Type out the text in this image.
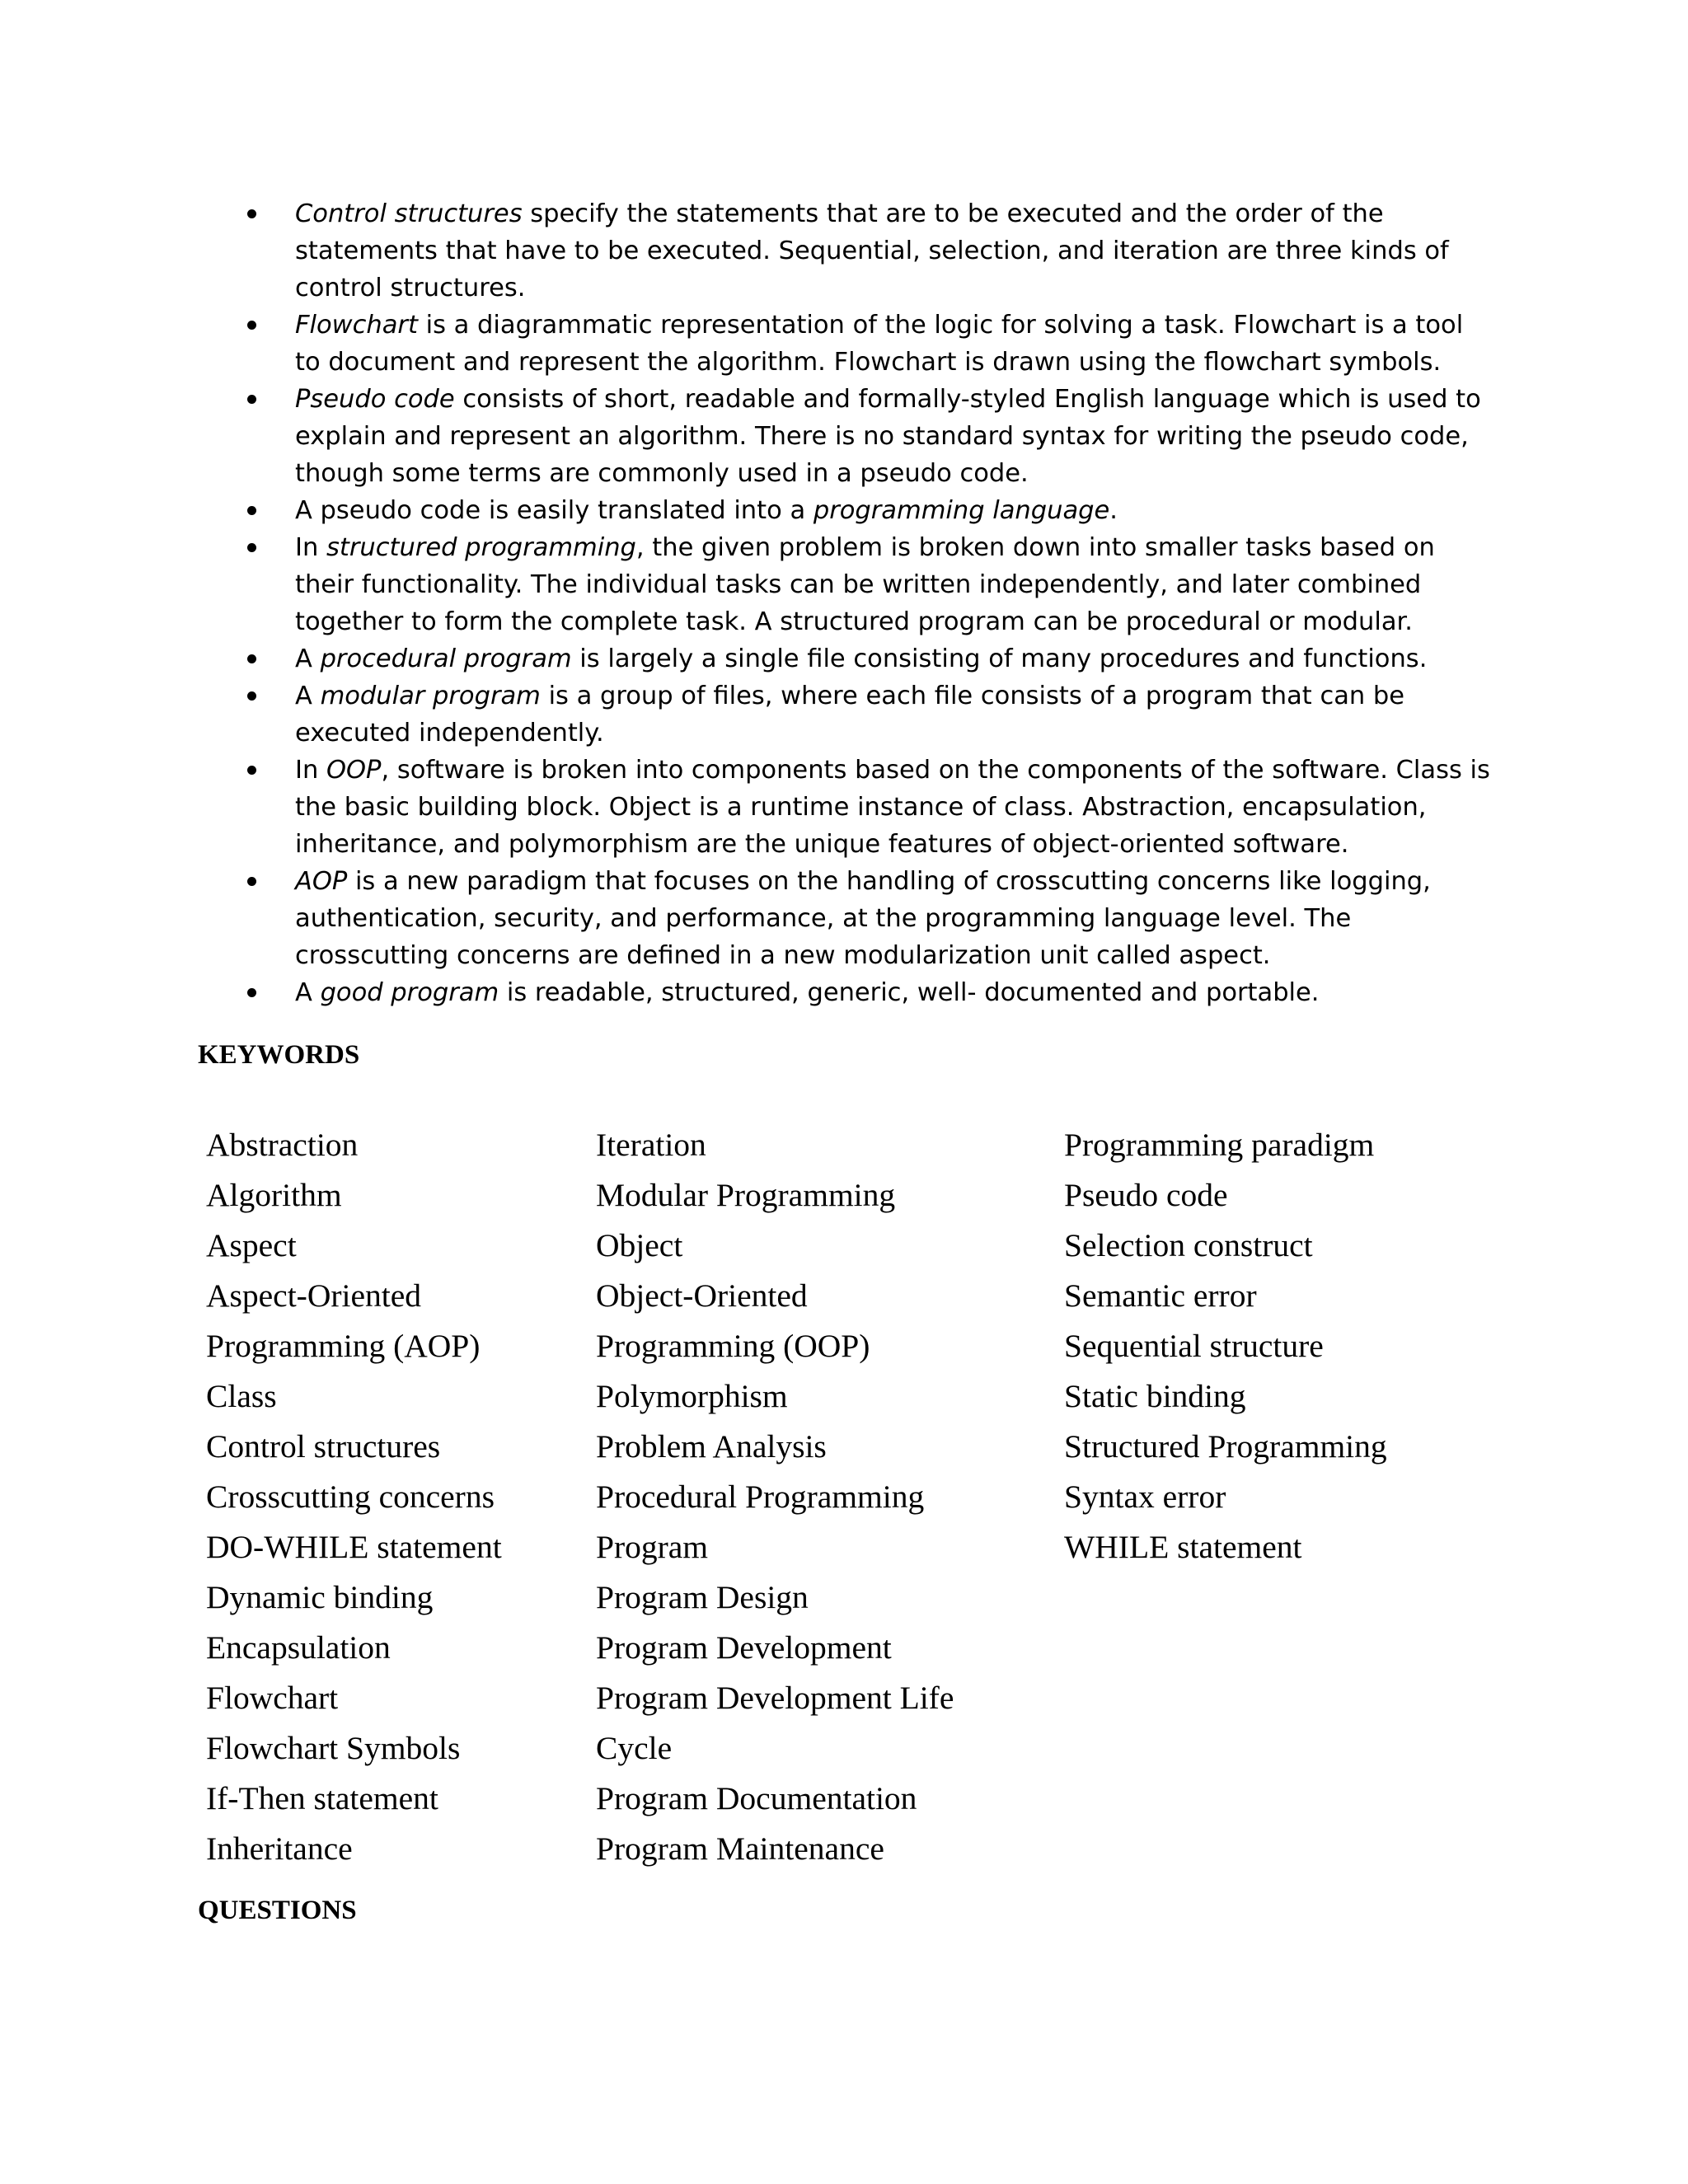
Control structures specify the statements that are to be executed and the order of the statements that have to be executed. Sequential, selection, and iteration are three kinds of control structures.
Flowchart is a diagrammatic representation of the logic for solving a task. Flowchart is a tool to document and represent the algorithm. Flowchart is drawn using the flowchart symbols.
Pseudo code consists of short, readable and formally-styled English language which is used to explain and represent an algorithm. There is no standard syntax for writing the pseudo code, though some terms are commonly used in a pseudo code.
A pseudo code is easily translated into a programming language.
In structured programming, the given problem is broken down into smaller tasks based on their functionality. The individual tasks can be written independently, and later combined together to form the complete task. A structured program can be procedural or modular.
A procedural program is largely a single file consisting of many procedures and functions.
A modular program is a group of files, where each file consists of a program that can be executed independently.
In OOP, software is broken into components based on the components of the software. Class is the basic building block. Object is a runtime instance of class. Abstraction, encapsulation, inheritance, and polymorphism are the unique features of object-oriented software.
AOP is a new paradigm that focuses on the handling of crosscutting concerns like logging, authentication, security, and performance, at the programming language level. The crosscutting concerns are defined in a new modularization unit called aspect.
A good program is readable, structured, generic, well- documented and portable.
KEYWORDS
Abstraction
Algorithm
Aspect
Aspect-Oriented
Programming (AOP)
Class
Control structures
Crosscutting concerns
DO-WHILE statement
Dynamic binding
Encapsulation
Flowchart
Flowchart Symbols
If-Then statement
Inheritance
Iteration
Modular Programming
Object
Object-Oriented
Programming (OOP)
Polymorphism
Problem Analysis
Procedural Programming
Program
Program Design
Program Development
Program Development Life
Cycle
Program Documentation
Program Maintenance
Programming paradigm
Pseudo code
Selection construct
Semantic error
Sequential structure
Static binding
Structured Programming
Syntax error
WHILE statement
QUESTIONS
